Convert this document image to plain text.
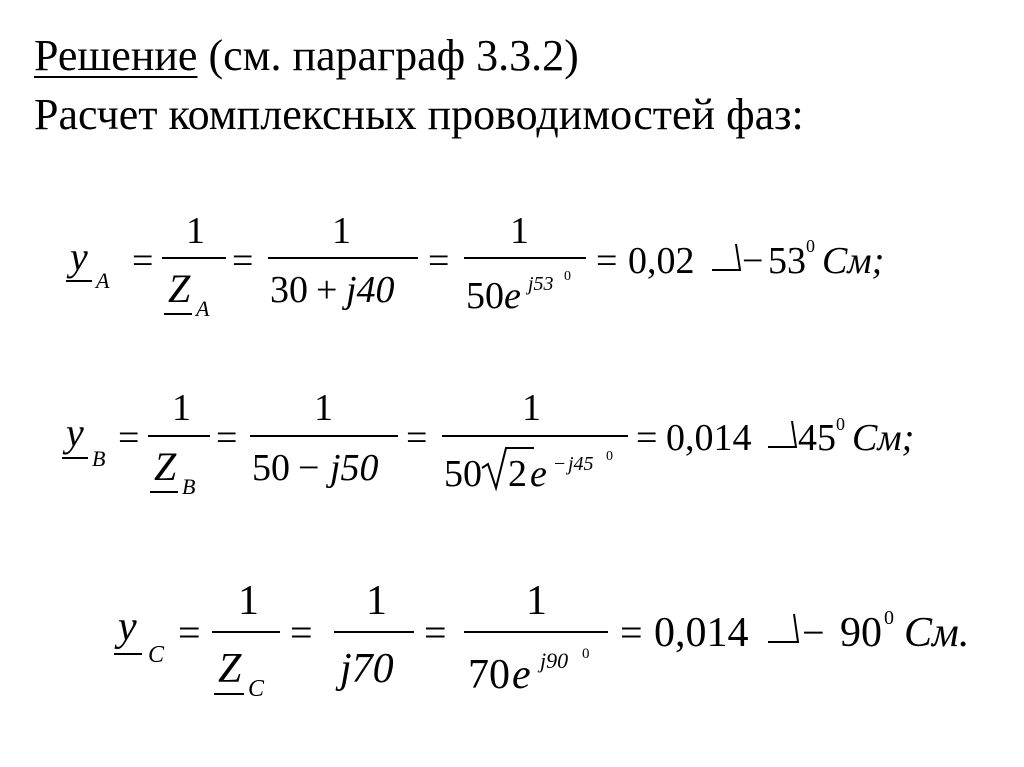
Решение (см. параграф 3.3.2)
Расчет комплексных проводимостей фаз:
y
A =
1
Z A
=
1
30 + j40
=
1
50 e j53 0 = 0,02 − 53 0 См;
y
B =
1
Z B
=
1
50 − j50
=
1
50 2 e − j45 0 = 0,014 45 0 См;
y
C =
1
Z C
=
1
j70
=
1
70 e j90 0 = 0,014 − 90 0 См.
